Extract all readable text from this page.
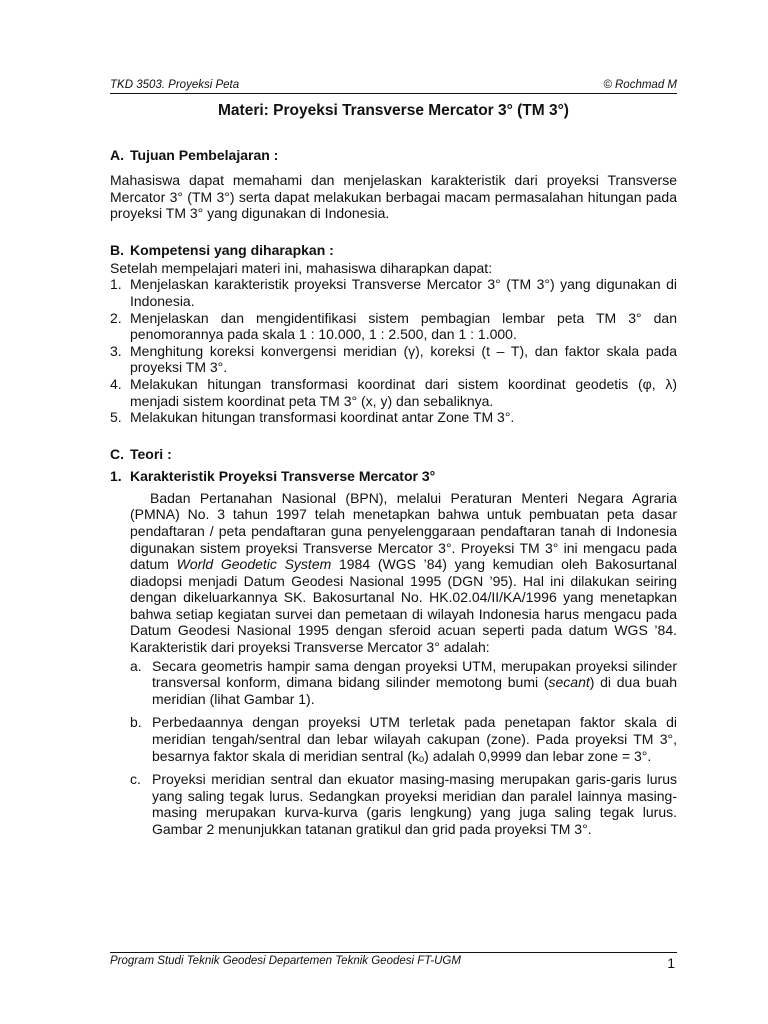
TKD 3503. Proyeksi Peta	© Rochmad M
Materi: Proyeksi Transverse Mercator 3° (TM 3°)
A. Tujuan Pembelajaran :

Mahasiswa dapat memahami dan menjelaskan karakteristik dari proyeksi Transverse Mercator 3° (TM 3°) serta dapat melakukan berbagai macam permasalahan hitungan pada proyeksi TM 3° yang digunakan di Indonesia.

B. Kompetensi yang diharapkan :

Setelah mempelajari materi ini, mahasiswa diharapkan dapat:

1. Menjelaskan karakteristik proyeksi Transverse Mercator 3° (TM 3°) yang digunakan di Indonesia.
2. Menjelaskan dan mengidentifikasi sistem pembagian lembar peta TM 3° dan penomorannya pada skala 1 : 10.000, 1 : 2.500, dan 1 : 1.000.
3. Menghitung koreksi konvergensi meridian (γ), koreksi (t – T), dan faktor skala pada proyeksi TM 3°.
4. Melakukan hitungan transformasi koordinat dari sistem koordinat geodetis (φ, λ) menjadi sistem koordinat peta TM 3° (x, y) dan sebaliknya.
5. Melakukan hitungan transformasi koordinat antar Zone TM 3°.
C. Teori :
1. Karakteristik Proyeksi Transverse Mercator 3°

Badan Pertanahan Nasional (BPN), melalui Peraturan Menteri Negara Agraria (PMNA) No. 3 tahun 1997 telah menetapkan bahwa untuk pembuatan peta dasar pendaftaran / peta pendaftaran guna penyelenggaraan pendaftaran tanah di Indonesia digunakan sistem proyeksi Transverse Mercator 3°. Proyeksi TM 3° ini mengacu pada datum World Geodetic System 1984 (WGS ’84) yang kemudian oleh Bakosurtanal diadopsi menjadi Datum Geodesi Nasional 1995 (DGN ’95). Hal ini dilakukan seiring dengan dikeluarkannya SK. Bakosurtanal No. HK.02.04/II/KA/1996 yang menetapkan bahwa setiap kegiatan survei dan pemetaan di wilayah Indonesia harus mengacu pada Datum Geodesi Nasional 1995 dengan sferoid acuan seperti pada datum WGS ’84. Karakteristik dari proyeksi Transverse Mercator 3° adalah:

a. Secara geometris hampir sama dengan proyeksi UTM, merupakan proyeksi silinder transversal konform, dimana bidang silinder memotong bumi (secant) di dua buah meridian (lihat Gambar 1).
b. Perbedaannya dengan proyeksi UTM terletak pada penetapan faktor skala di meridian tengah/sentral dan lebar wilayah cakupan (zone). Pada proyeksi TM 3°, besarnya faktor skala di meridian sentral (kₒ) adalah 0,9999 dan lebar zone = 3°.
c. Proyeksi meridian sentral dan ekuator masing-masing merupakan garis-garis lurus yang saling tegak lurus. Sedangkan proyeksi meridian dan paralel lainnya masing-masing merupakan kurva-kurva (garis lengkung) yang juga saling tegak lurus. Gambar 2 menunjukkan tatanan gratikul dan grid pada proyeksi TM 3°.
Program Studi Teknik Geodesi Departemen Teknik Geodesi FT-UGM	1
